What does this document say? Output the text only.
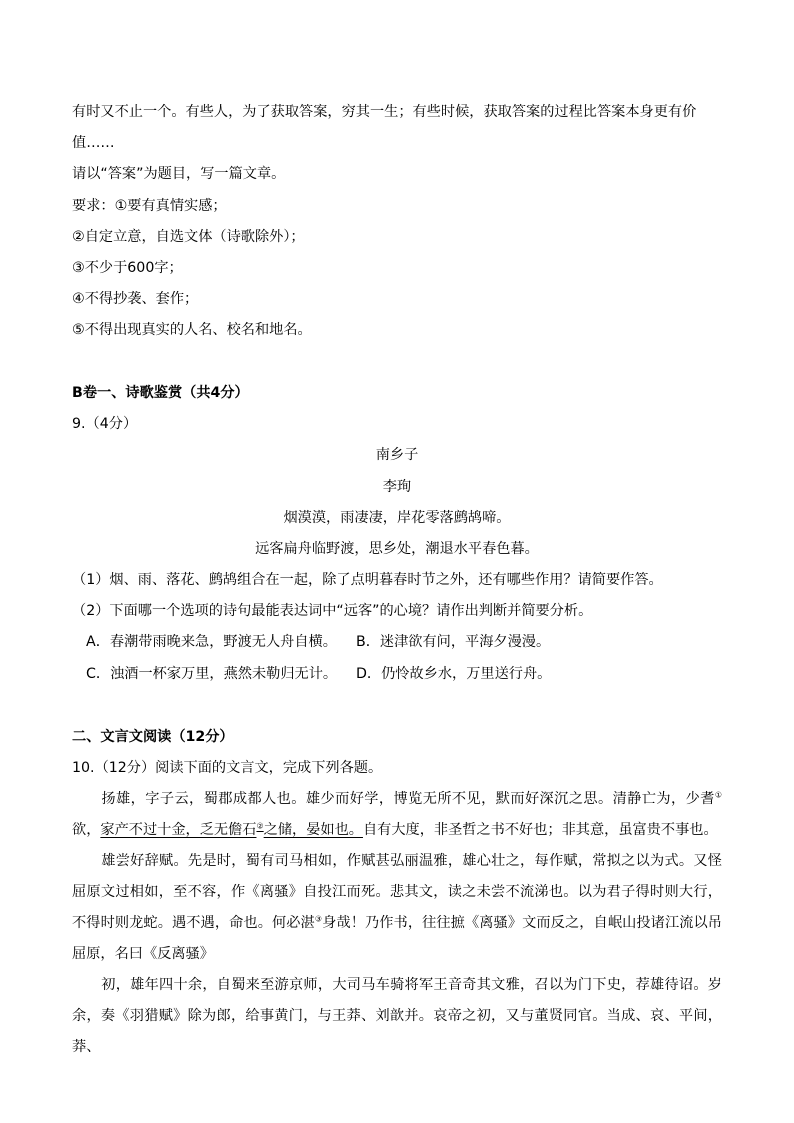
有时又不止一个。有些人，为了获取答案，穷其一生；有些时候，获取答案的过程比答案本身更有价
值……
请以“答案”为题目，写一篇文章。
要求：①要有真情实感；
②自定立意，自选文体（诗歌除外）；
③不少于600字；
④不得抄袭、套作；
⑤不得出现真实的人名、校名和地名。
B卷一、诗歌鉴赏（共4分）
9.（4分）
南乡子
李珣
烟漠漠，雨凄凄，岸花零落鹧鸪啼。
远客扁舟临野渡，思乡处，潮退水平春色暮。
（1）烟、雨、落花、鹧鸪组合在一起，除了点明暮春时节之外，还有哪些作用？请简要作答。
（2）下面哪一个选项的诗句最能表达词中“远客”的心境？请作出判断并简要分析。
A．春潮带雨晚来急，野渡无人舟自横。 B．迷津欲有问，平海夕漫漫。
C．浊酒一杯家万里，燕然未勒归无计。 D．仍怜故乡水，万里送行舟。
二、文言文阅读（12分）
10.（12分）阅读下面的文言文，完成下列各题。
扬雄，字子云，蜀郡成都人也。雄少而好学，博览无所不见，默而好深沉之思。清静亡为，少耆①欲，家产不过十金，乏无儋石②之储，晏如也。自有大度，非圣哲之书不好也；非其意，虽富贵不事也。
雄尝好辞赋。先是时，蜀有司马相如，作赋甚弘丽温雅，雄心壮之，每作赋，常拟之以为式。又怪屈原文过相如，至不容，作《离骚》自投江而死。悲其文，读之未尝不流涕也。以为君子得时则大行，不得时则龙蛇。遇不遇，命也。何必湛③身哉！乃作书，往往摭《离骚》文而反之，自岷山投诸江流以吊屈原，名曰《反离骚》
初，雄年四十余，自蜀来至游京师，大司马车骑将军王音奇其文雅，召以为门下史，荐雄待诏。岁余，奏《羽猎赋》除为郎，给事黄门，与王莽、刘歆并。哀帝之初，又与董贤同官。当成、哀、平间，莽、
